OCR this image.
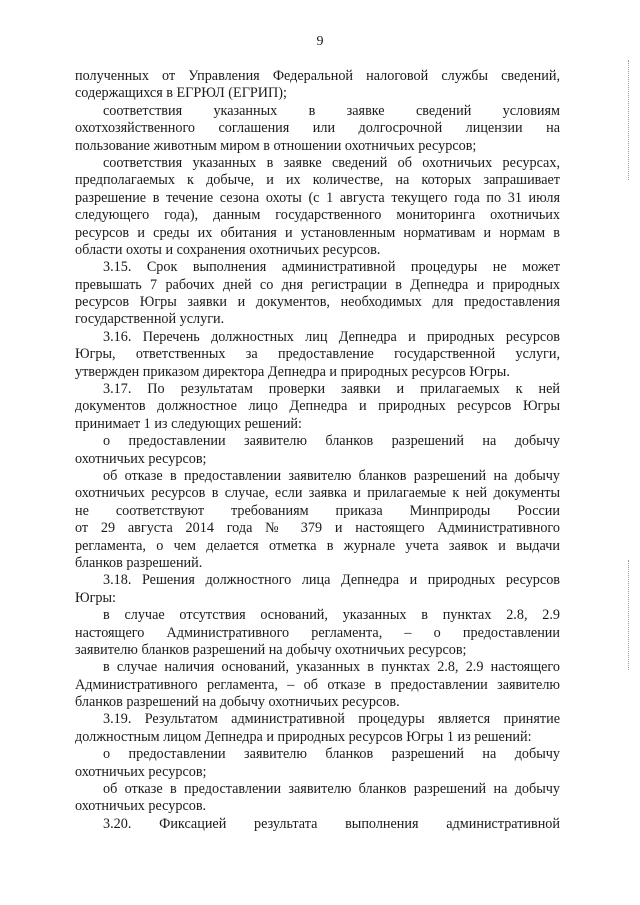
9
полученных от Управления Федеральной налоговой службы сведений,
содержащихся в ЕГРЮЛ (ЕГРИП);
соответствия указанных в заявке сведений условиям
охотхозяйственного соглашения или долгосрочной лицензии на
пользование животным миром в отношении охотничьих ресурсов;
соответствия указанных в заявке сведений об охотничьих ресурсах,
предполагаемых к добыче, и их количестве, на которых запрашивает
разрешение в течение сезона охоты (с 1 августа текущего года по 31 июля
следующего года), данным государственного мониторинга охотничьих
ресурсов и среды их обитания и установленным нормативам и нормам в
области охоты и сохранения охотничьих ресурсов.
3.15. Срок выполнения административной процедуры не может
превышать 7 рабочих дней со дня регистрации в Депнедра и природных
ресурсов Югры заявки и документов, необходимых для предоставления
государственной услуги.
3.16. Перечень должностных лиц Депнедра и природных ресурсов
Югры, ответственных за предоставление государственной услуги,
утвержден приказом директора Депнедра и природных ресурсов Югры.
3.17. По результатам проверки заявки и прилагаемых к ней
документов должностное лицо Депнедра и природных ресурсов Югры
принимает 1 из следующих решений:
о предоставлении заявителю бланков разрешений на добычу
охотничьих ресурсов;
об отказе в предоставлении заявителю бланков разрешений на добычу
охотничьих ресурсов в случае, если заявка и прилагаемые к ней документы
не соответствуют требованиям приказа Минприроды России
от 29 августа 2014 года № 379 и настоящего Административного
регламента, о чем делается отметка в журнале учета заявок и выдачи
бланков разрешений.
3.18. Решения должностного лица Депнедра и природных ресурсов
Югры:
в случае отсутствия оснований, указанных в пунктах 2.8, 2.9
настоящего Административного регламента, – о предоставлении
заявителю бланков разрешений на добычу охотничьих ресурсов;
в случае наличия оснований, указанных в пунктах 2.8, 2.9 настоящего
Административного регламента, – об отказе в предоставлении заявителю
бланков разрешений на добычу охотничьих ресурсов.
3.19. Результатом административной процедуры является принятие
должностным лицом Депнедра и природных ресурсов Югры 1 из решений:
о предоставлении заявителю бланков разрешений на добычу
охотничьих ресурсов;
об отказе в предоставлении заявителю бланков разрешений на добычу
охотничьих ресурсов.
3.20. Фиксацией результата выполнения административной
